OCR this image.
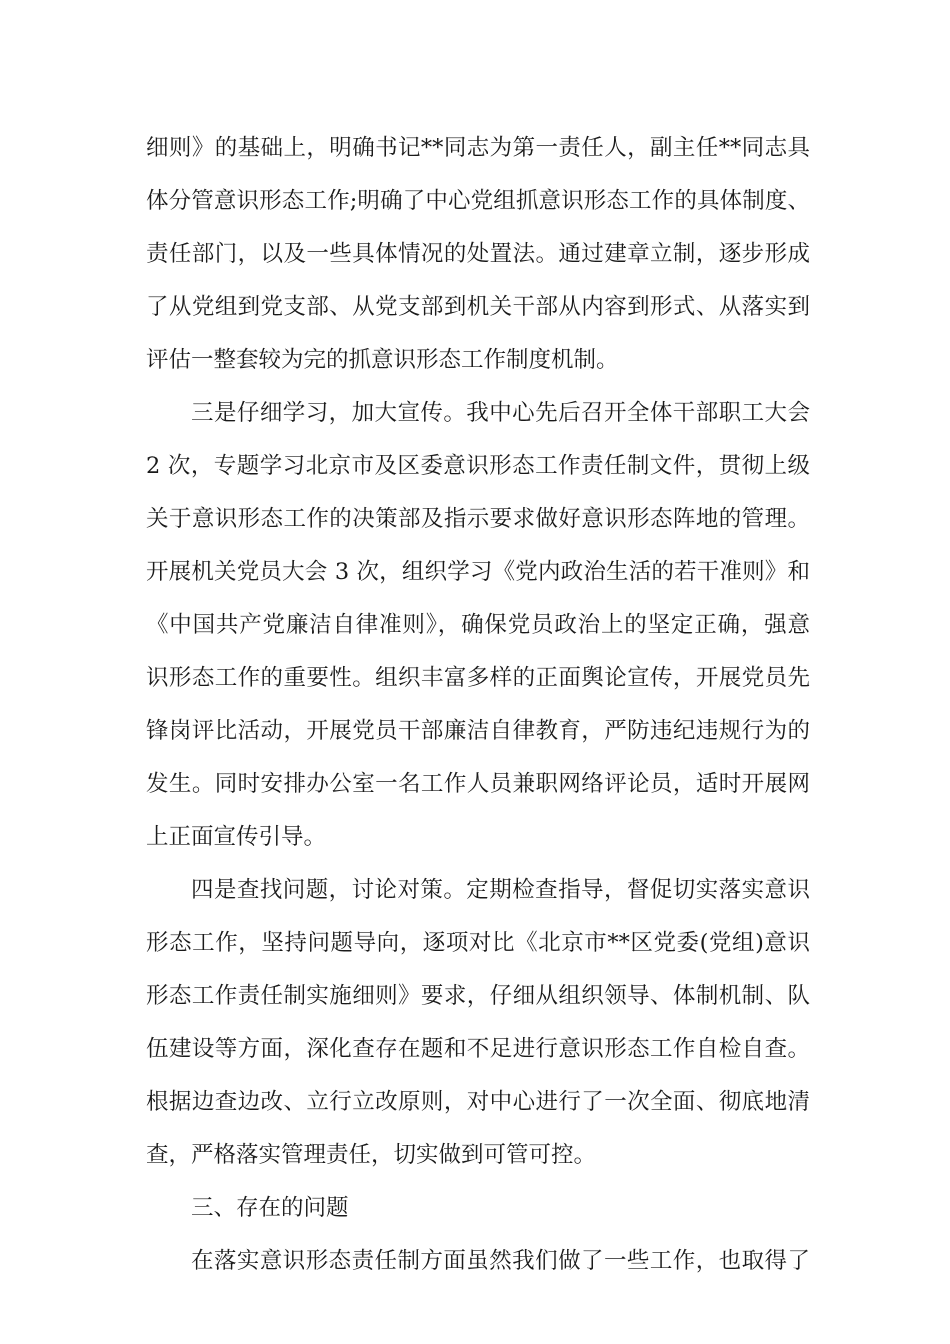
细则》的基础上，明确书记**同志为第一责任人，副主任**同志具
体分管意识形态工作;明确了中心党组抓意识形态工作的具体制度、
责任部门，以及一些具体情况的处置法。通过建章立制，逐步形成
了从党组到党支部、从党支部到机关干部从内容到形式、从落实到
评估一整套较为完的抓意识形态工作制度机制。
三是仔细学习，加大宣传。我中心先后召开全体干部职工大会
2 次，专题学习北京市及区委意识形态工作责任制文件，贯彻上级
关于意识形态工作的决策部及指示要求做好意识形态阵地的管理。
开展机关党员大会 3 次，组织学习《党内政治生活的若干准则》和
《中国共产党廉洁自律准则》，确保党员政治上的坚定正确，强意
识形态工作的重要性。组织丰富多样的正面舆论宣传，开展党员先
锋岗评比活动，开展党员干部廉洁自律教育，严防违纪违规行为的
发生。同时安排办公室一名工作人员兼职网络评论员，适时开展网
上正面宣传引导。
四是查找问题，讨论对策。定期检查指导，督促切实落实意识
形态工作，坚持问题导向，逐项对比《北京市**区党委(党组)意识
形态工作责任制实施细则》要求，仔细从组织领导、体制机制、队
伍建设等方面，深化查存在题和不足进行意识形态工作自检自查。
根据边查边改、立行立改原则，对中心进行了一次全面、彻底地清
查，严格落实管理责任，切实做到可管可控。
三、存在的问题
在落实意识形态责任制方面虽然我们做了一些工作，也取得了
